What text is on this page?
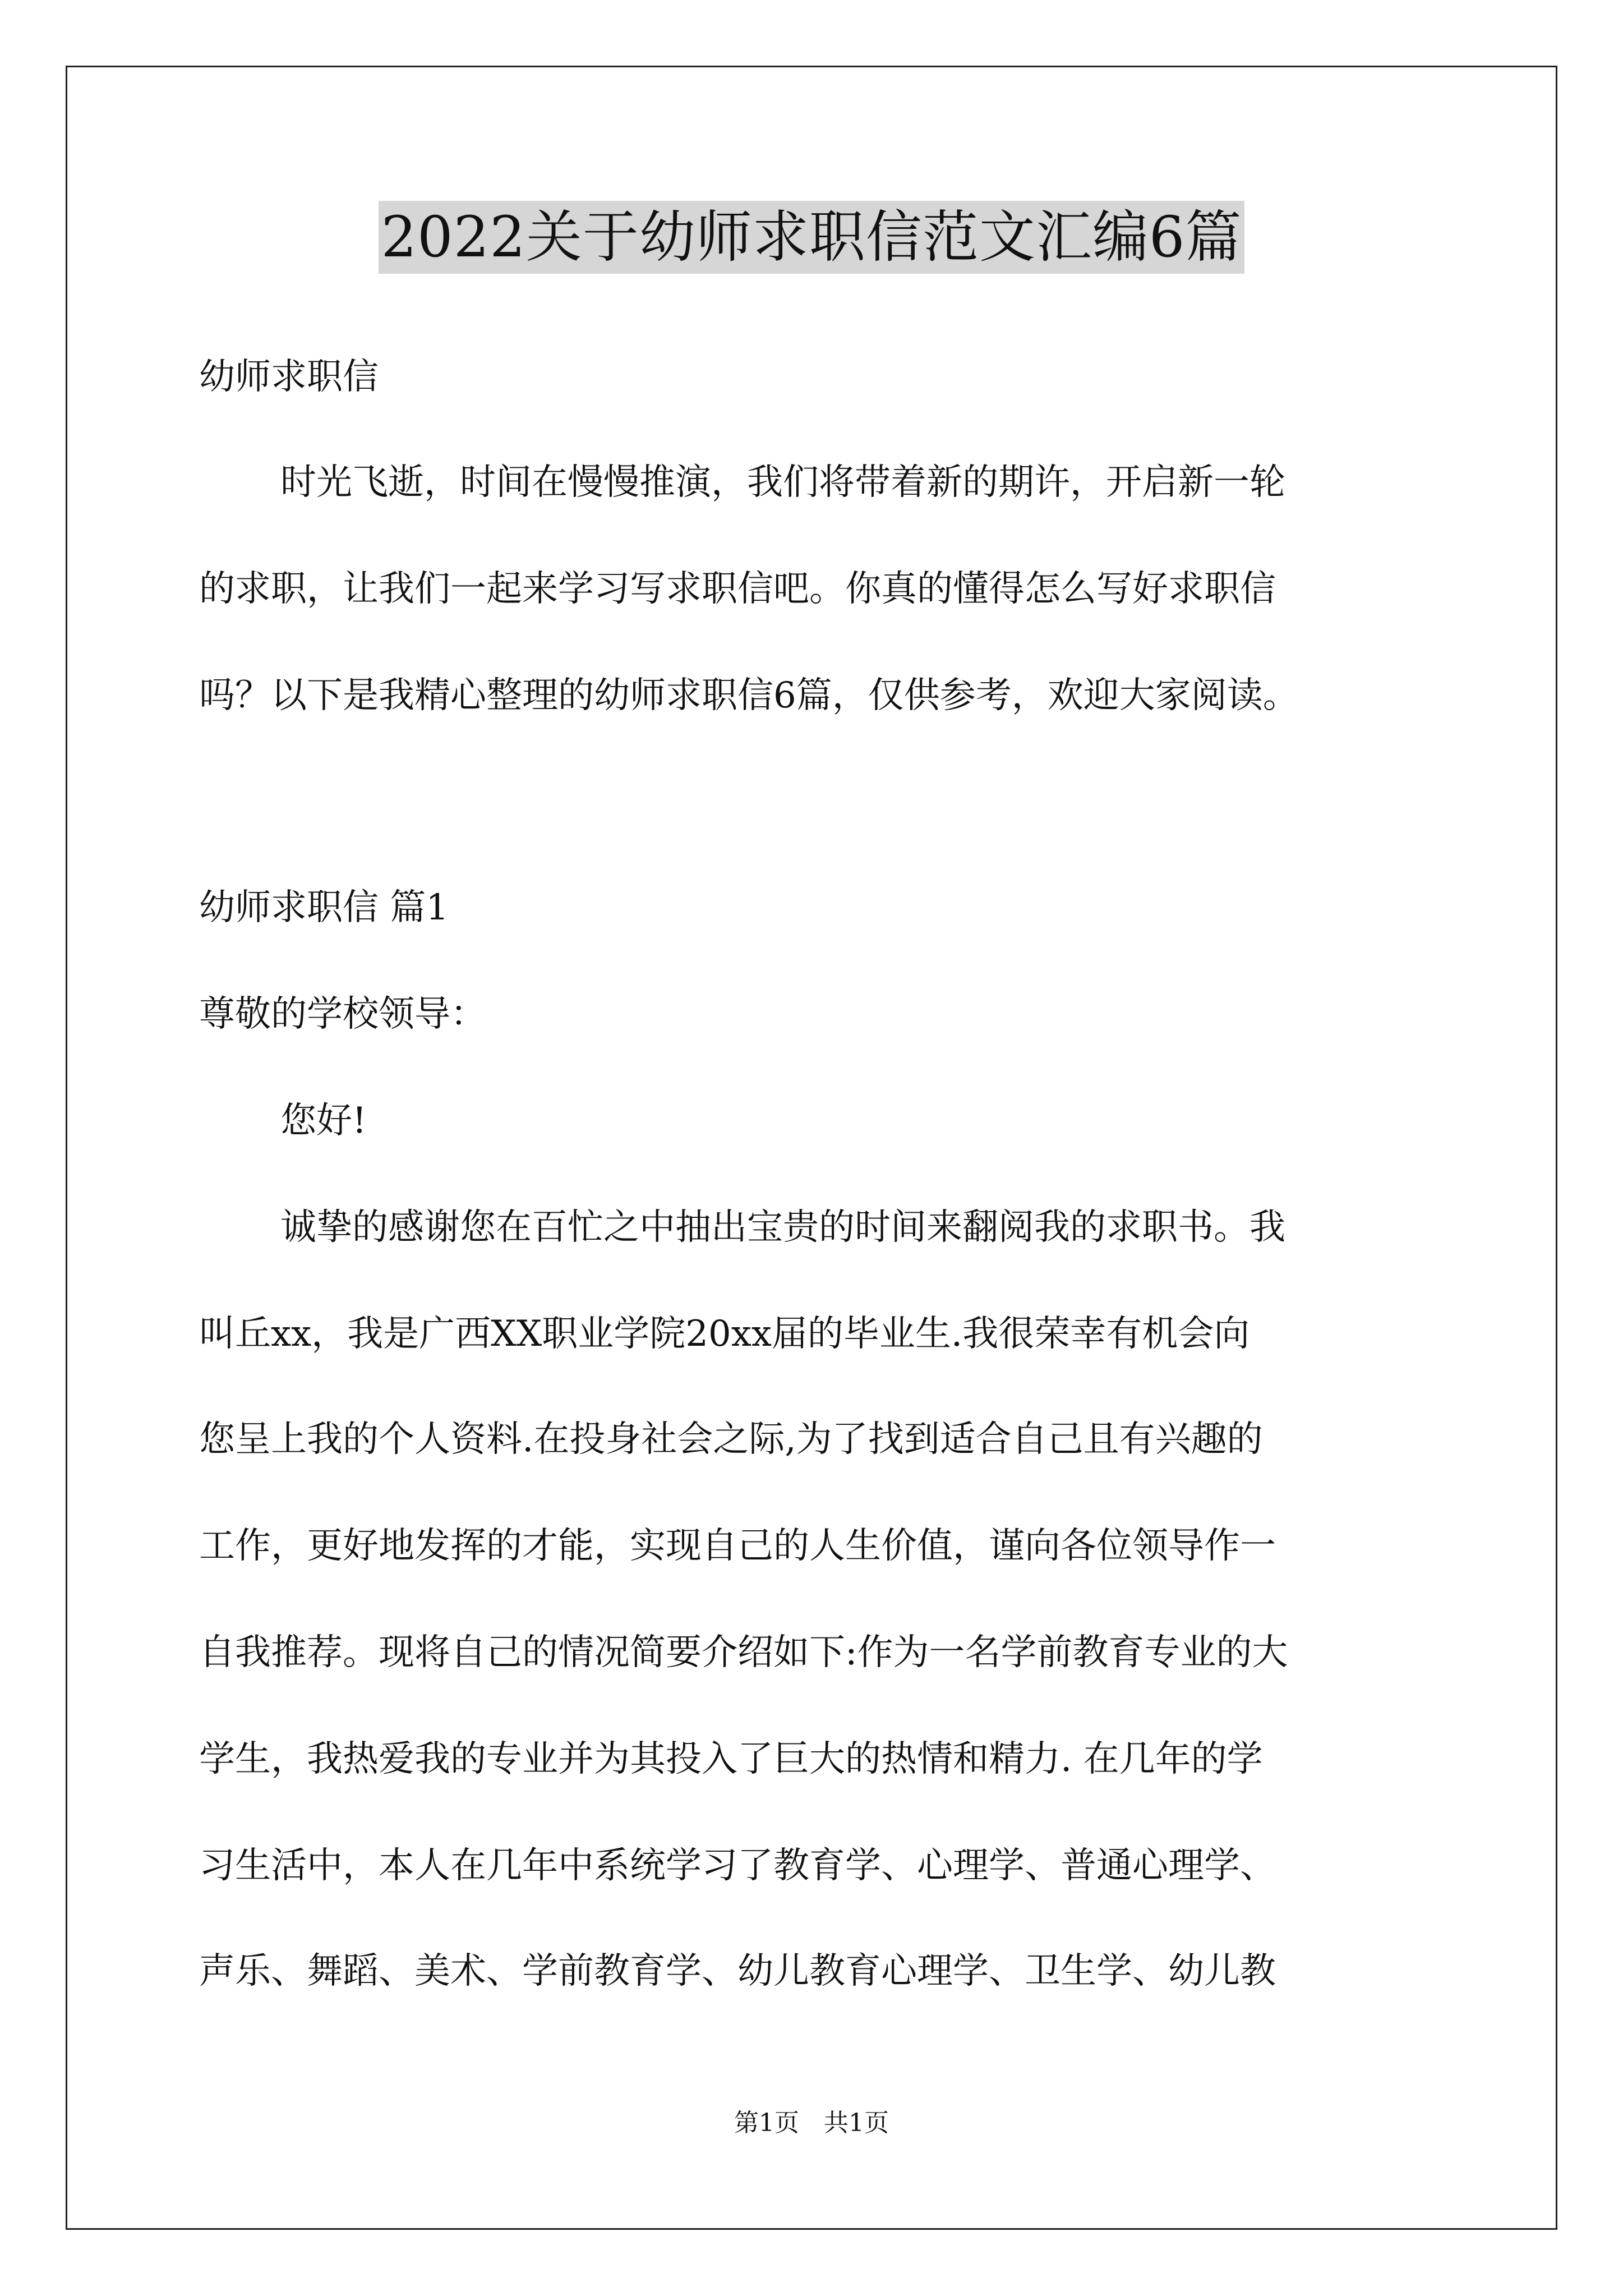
2022关于幼师求职信范文汇编6篇
幼师求职信
时光飞逝，时间在慢慢推演，我们将带着新的期许，开启新一轮
的求职，让我们一起来学习写求职信吧。你真的懂得怎么写好求职信
吗？以下是我精心整理的幼师求职信6篇，仅供参考，欢迎大家阅读。
幼师求职信 篇1
尊敬的学校领导：
您好!
诚挚的感谢您在百忙之中抽出宝贵的时间来翻阅我的求职书。我
叫丘xx，我是广西XX职业学院20xx届的毕业生.我很荣幸有机会向
您呈上我的个人资料.在投身社会之际,为了找到适合自己且有兴趣的
工作，更好地发挥的才能，实现自己的人生价值，谨向各位领导作一
自我推荐。现将自己的情况简要介绍如下:作为一名学前教育专业的大
学生，我热爱我的专业并为其投入了巨大的热情和精力. 在几年的学
习生活中，本人在几年中系统学习了教育学、心理学、普通心理学、
声乐、舞蹈、美术、学前教育学、幼儿教育心理学、卫生学、幼儿教
第1页　共1页
